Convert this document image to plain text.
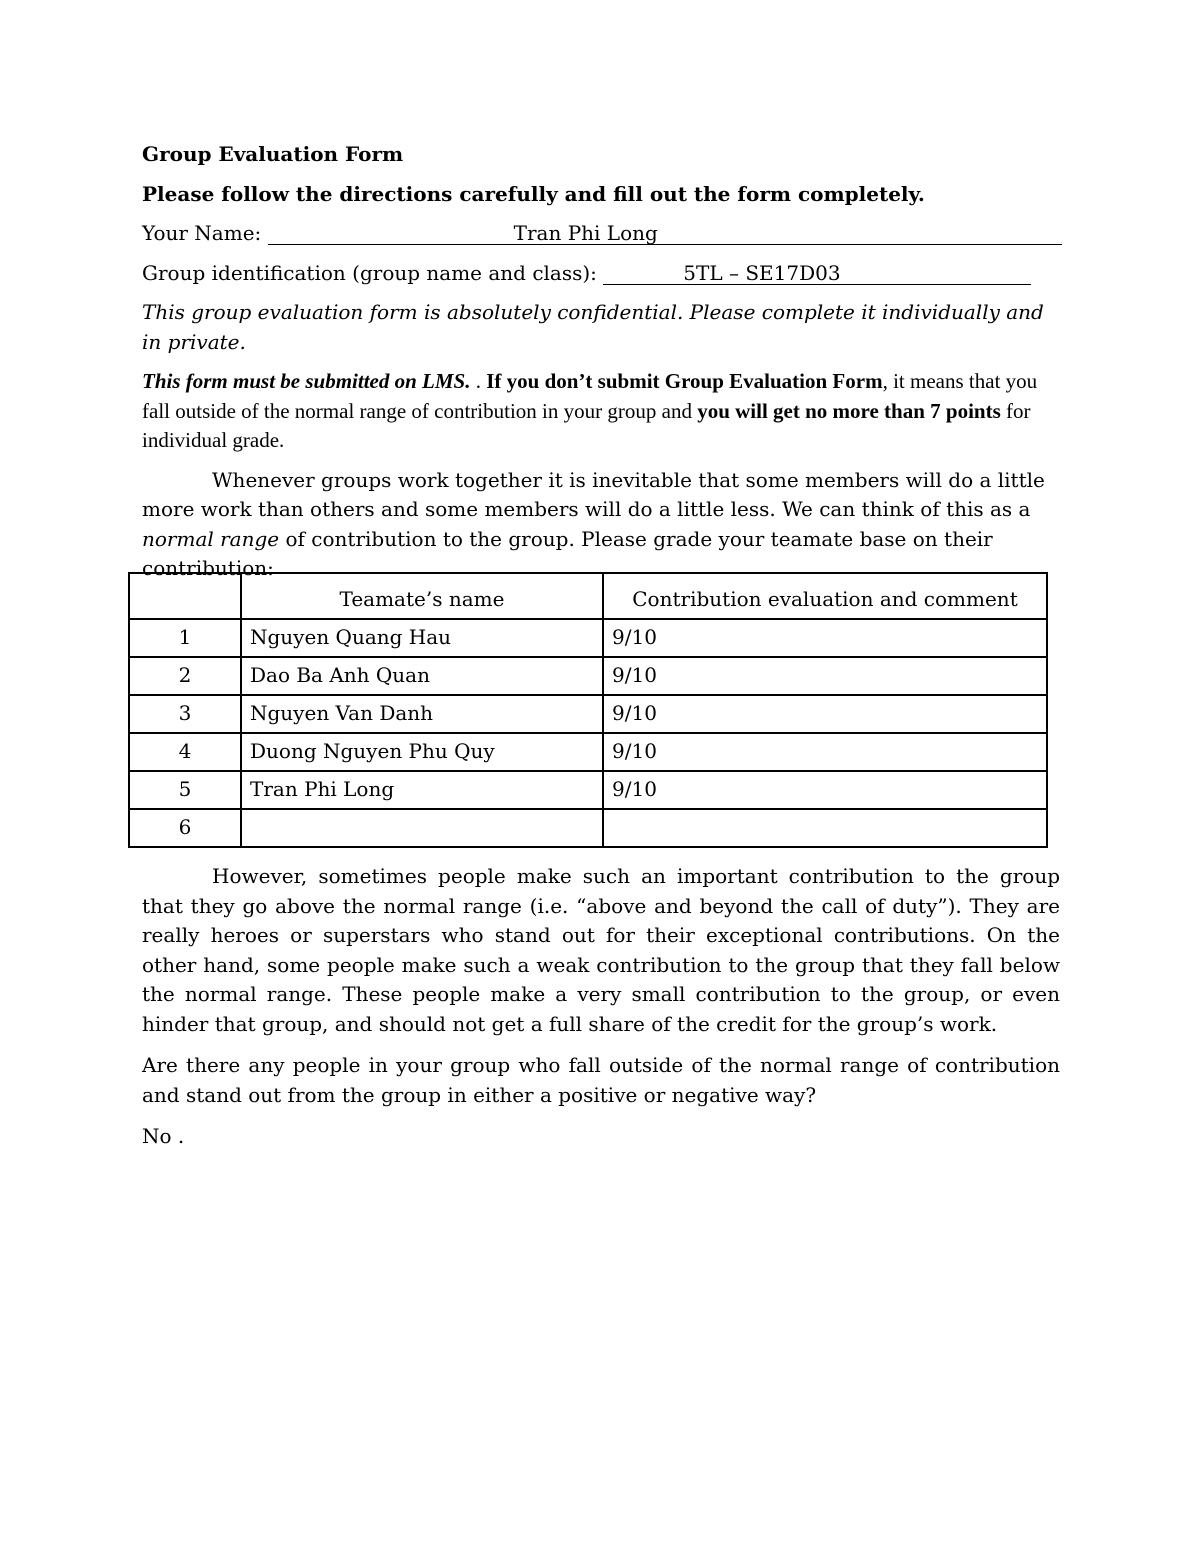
Group Evaluation Form

Please follow the directions carefully and fill out the form completely.

Your Name:	Tran Phi Long

Group identification (group name and class):	5TL – SE17D03

This group evaluation form is absolutely confidential. Please complete it individually and in private.

This form must be submitted on LMS. . If you don’t submit Group Evaluation Form, it means that you fall outside of the normal range of contribution in your group and you will get no more than 7 points for individual grade.

Whenever groups work together it is inevitable that some members will do a little more work than others and some members will do a little less. We can think of this as a normal range of contribution to the group. Please grade your teamate base on their contribution:

	Teamate’s name	Contribution evaluation and comment
1	Nguyen Quang Hau	9/10
2	Dao Ba Anh Quan	9/10
3	Nguyen Van Danh	9/10
4	Duong Nguyen Phu Quy	9/10
5	Tran Phi Long	9/10
6		

However, sometimes people make such an important contribution to the group that they go above the normal range (i.e. “above and beyond the call of duty”). They are really heroes or superstars who stand out for their exceptional contributions. On the other hand, some people make such a weak contribution to the group that they fall below the normal range. These people make a very small contribution to the group, or even hinder that group, and should not get a full share of the credit for the group’s work.

Are there any people in your group who fall outside of the normal range of contribution and stand out from the group in either a positive or negative way?

No .
